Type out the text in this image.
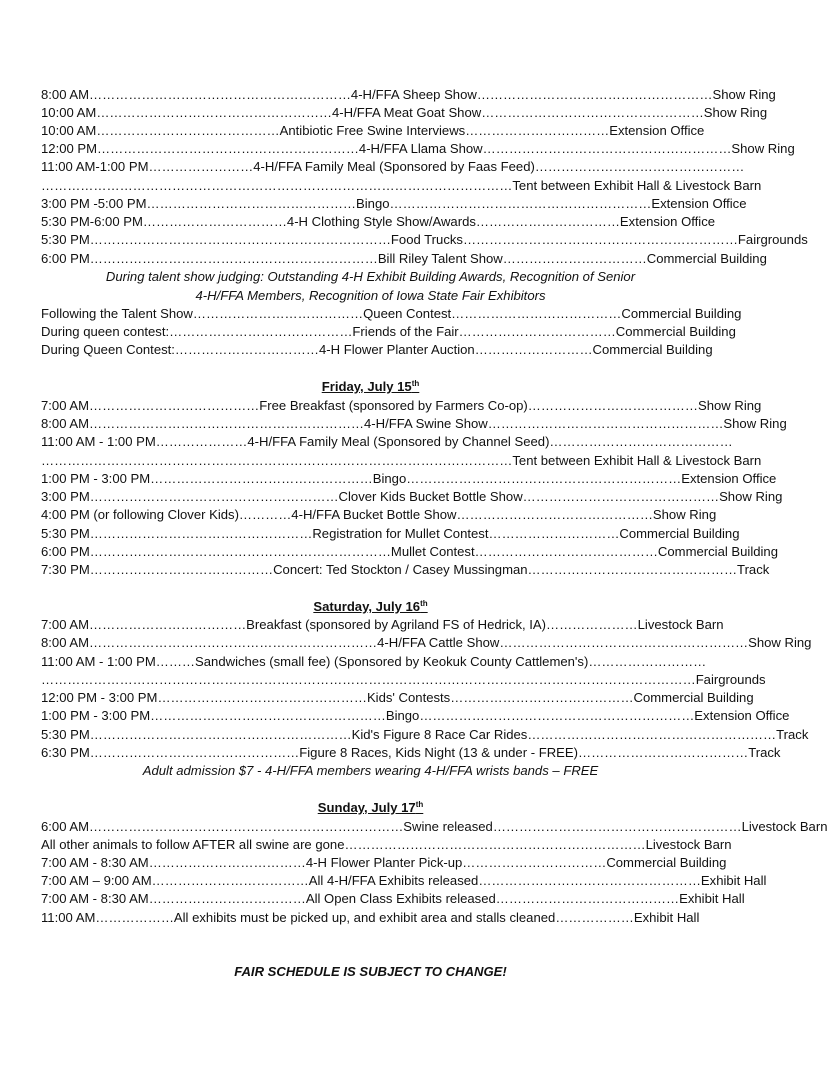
8:00 AM……………………………………………………4-H/FFA Sheep Show………………………………………………Show Ring
10:00 AM………………………………………………4-H/FFA Meat Goat Show……………………………………………Show Ring
10:00 AM……………………………………Antibiotic Free Swine Interviews……………………………Extension Office
12:00 PM……………………………………………………4-H/FFA Llama Show…………………………………………………Show Ring
11:00 AM-1:00 PM……………………4-H/FFA Family Meal (Sponsored by Faas Feed)…………………………………………
………………………………………………………………………………………………Tent between Exhibit Hall & Livestock Barn
3:00 PM -5:00 PM…………………………………………Bingo……………………………………………………Extension Office
5:30 PM-6:00 PM……………………………4-H Clothing Style Show/Awards……………………………Extension Office
5:30 PM……………………………………………………………Food Trucks………………………………………………………Fairgrounds
6:00 PM…………………………………………………………Bill Riley Talent Show……………………………Commercial Building
During talent show judging: Outstanding 4-H Exhibit Building Awards, Recognition of Senior
4-H/FFA Members, Recognition of Iowa State Fair Exhibitors
Following the Talent Show…………………………………Queen Contest…………………………………Commercial Building
During queen contest:……………………………………Friends of the Fair………………………………Commercial Building
During Queen Contest:……………………………4-H Flower Planter Auction………………………Commercial Building
Friday, July 15th
7:00 AM…………………………………Free Breakfast (sponsored by Farmers Co-op)…………………………………Show Ring
8:00 AM………………………………………………………4-H/FFA Swine Show………………………………………………Show Ring
11:00 AM - 1:00 PM…………………4-H/FFA Family Meal (Sponsored by Channel Seed)……………………………………
………………………………………………………………………………………………Tent between Exhibit Hall & Livestock Barn
1:00 PM - 3:00 PM……………………………………………Bingo………………………………………………………Extension Office
3:00 PM…………………………………………………Clover Kids Bucket Bottle Show………………………………………Show Ring
4:00 PM (or following Clover Kids)…………4-H/FFA Bucket Bottle Show………………………………………Show Ring
5:30 PM……………………………………………Registration for Mullet Contest…………………………Commercial Building
6:00 PM……………………………………………………………Mullet Contest……………………………………Commercial Building
7:30 PM……………………………………Concert: Ted Stockton / Casey Mussingman…………………………………………Track
Saturday, July 16th
7:00 AM………………………………Breakfast (sponsored by Agriland FS of Hedrick, IA)…………………Livestock Barn
8:00 AM…………………………………………………………4-H/FFA Cattle Show…………………………………………………Show Ring
11:00 AM - 1:00 PM………Sandwiches (small fee) (Sponsored by Keokuk County Cattlemen's)………………………
……………………………………………………………………………………………………………………………………Fairgrounds
12:00 PM - 3:00 PM…………………………………………Kids' Contests……………………………………Commercial Building
1:00 PM - 3:00 PM………………………………………………Bingo………………………………………………………Extension Office
5:30 PM……………………………………………………Kid's Figure 8 Race Car Rides…………………………………………………Track
6:30 PM…………………………………………Figure 8 Races, Kids Night (13 & under - FREE)…………………………………Track
Adult admission $7 - 4-H/FFA members wearing 4-H/FFA wrists bands – FREE
Sunday, July 17th
6:00 AM………………………………………………………………Swine released…………………………………………………Livestock Barn
All other animals to follow AFTER all swine are gone……………………………………………………………Livestock Barn
7:00 AM - 8:30 AM………………………………4-H Flower Planter Pick-up……………………………Commercial Building
7:00 AM – 9:00 AM………………………………All 4-H/FFA Exhibits released……………………………………………Exhibit Hall
7:00 AM - 8:30 AM………………………………All Open Class Exhibits released……………………………………Exhibit Hall
11:00 AM………………All exhibits must be picked up, and exhibit area and stalls cleaned………………Exhibit Hall
FAIR SCHEDULE IS SUBJECT TO CHANGE!
